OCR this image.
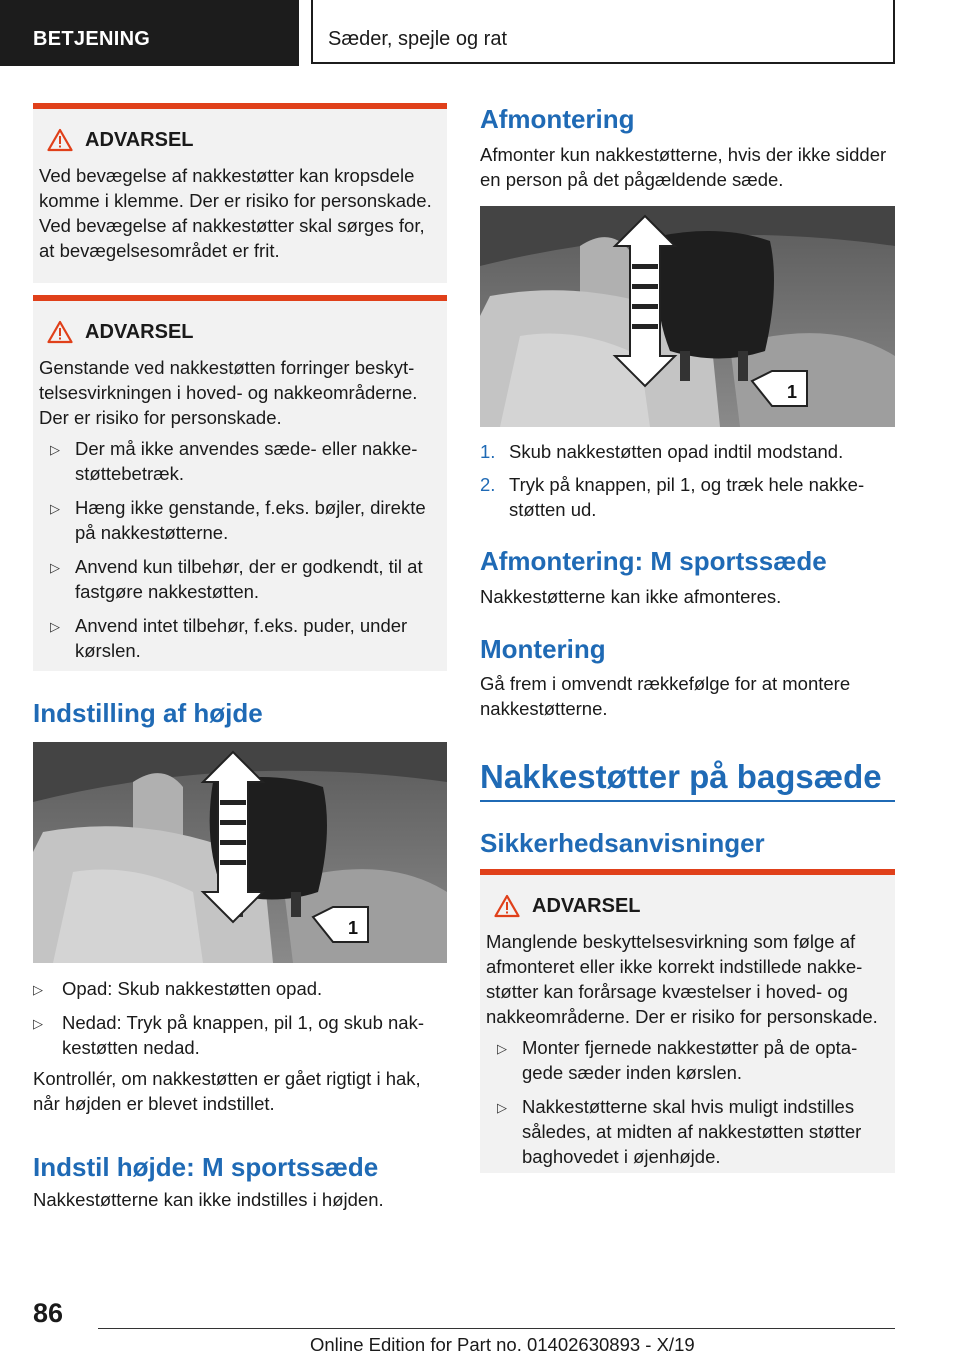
BETJENING	Sæder, spejle og rat
ADVARSEL
Ved bevægelse af nakkestøtter kan kropsdele komme i klemme. Der er risiko for personskade. Ved bevægelse af nakkestøtter skal sørges for, at bevægelsesområdet er frit.
ADVARSEL
Genstande ved nakkestøtten forringer beskyttelsesvirkningen i hoved- og nakkeområderne. Der er risiko for personskade.
▷ Der må ikke anvendes sæde- eller nakkestøttebetræk.
▷ Hæng ikke genstande, f.eks. bøjler, direkte på nakkestøtterne.
▷ Anvend kun tilbehør, der er godkendt, til at fastgøre nakkestøtten.
▷ Anvend intet tilbehør, f.eks. puder, under kørslen.
Indstilling af højde
1
▷ Opad: Skub nakkestøtten opad.
▷ Nedad: Tryk på knappen, pil 1, og skub nakkestøtten nedad.
Kontrollér, om nakkestøtten er gået rigtigt i hak, når højden er blevet indstillet.
Indstil højde: M sportssæde
Nakkestøtterne kan ikke indstilles i højden.
Afmontering
Afmonter kun nakkestøtterne, hvis der ikke sidder en person på det pågældende sæde.
1
1. Skub nakkestøtten opad indtil modstand.
2. Tryk på knappen, pil 1, og træk hele nakkestøtten ud.
Afmontering: M sportssæde
Nakkestøtterne kan ikke afmonteres.
Montering
Gå frem i omvendt rækkefølge for at montere nakkestøtterne.
Nakkestøtter på bagsæde
Sikkerhedsanvisninger
ADVARSEL
Manglende beskyttelsesvirkning som følge af afmonteret eller ikke korrekt indstillede nakkestøtter kan forårsage kvæstelser i hoved- og nakkeområderne. Der er risiko for personskade.
▷ Monter fjernede nakkestøtter på de optagede sæder inden kørslen.
▷ Nakkestøtterne skal hvis muligt indstilles således, at midten af nakkestøtten støtter baghovedet i øjenhøjde.
86
Online Edition for Part no. 01402630893 - X/19
